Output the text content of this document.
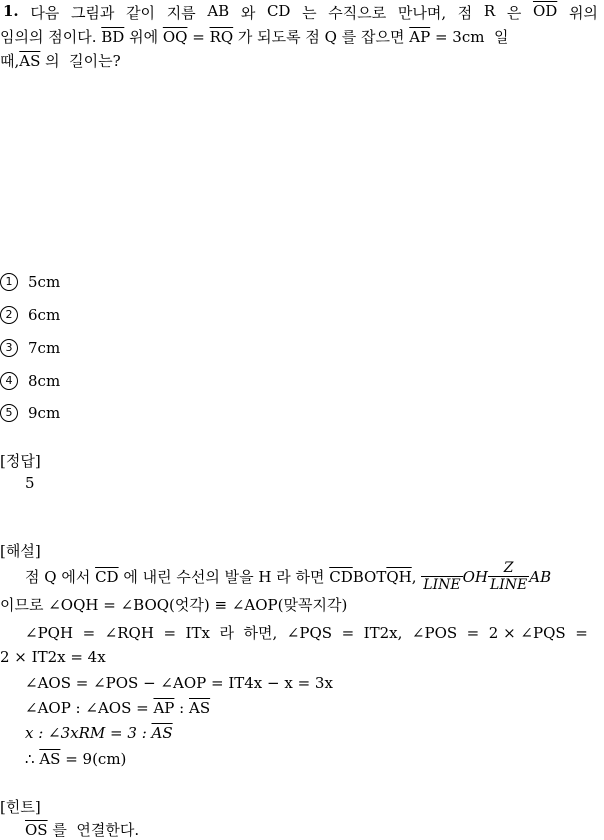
1. 다음 그림과 같이 지름 AB 와 CD 는 수직으로 만나며, 점 R 은 $\overline{OD}$ 위의
임의의 점이다. $\overline{BD}$ 위에 $\overline{OQ} = \overline{RQ}$ 가 되도록 점 Q 를 잡으면 $\overline{AP} = 3cm$  일
때$,\overline{AS}$ 의  길이는?
1	5cm
2	6cm
3	7cm
4	8cm
5	9cm
[정답]
5
[해설]
점 Q 에서 $\overline{CD}$ 에 내린 수선의 발을 H 라 하면 $\overline{CD}$ BOT $\overline{QH}$ ,
LINE OH $\frac{Z}{\text{LINE}}$ AB
이므로 ∠OQH = ∠BOQ(엇각) ≡ ∠AOP(맞꼭지각)
∠PQH  =  ∠RQH  =  ITx  라  하면,  ∠PQS  =  IT2x,  ∠POS  =  2 × ∠PQS  =
2 × IT2x = 4x
∠AOS = ∠POS − ∠AOP = IT4x − x = 3x
∠AOP : ∠AOS = $\overline{AP}$ : $\overline{AS}$
x : ∠3xRM = 3 : $\overline{AS}$
∴ $\overline{AS} = 9(cm)$
[힌트]
$\overline{OS}$ 를  연결한다.
